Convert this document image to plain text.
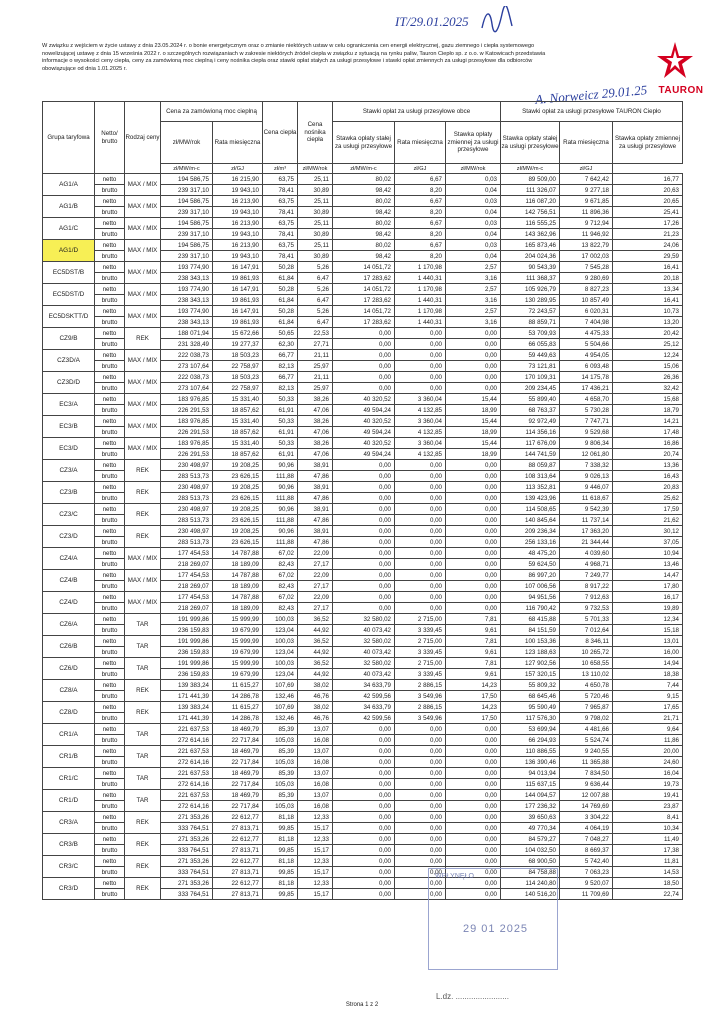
IT/29.01.2025
A. Norweicz 29.01.25
W związku z wejściem w życie ustawy z dnia 23.05.2024 r. o bonie energetycznym oraz o zmianie niektórych ustaw w celu ograniczenia cen energii elektrycznej, gazu ziemnego i ciepła systemowego nowelizującej ustawę z dnia 15 września 2022 r. o szczególnych rozwiązaniach w zakresie niektórych źródeł ciepła w związku z sytuacją na rynku paliw, Tauron Ciepło sp. z o.o. w Katowicach przedstawia informacje o wysokości ceny ciepła, ceny za zamówioną moc cieplną i ceny nośnika ciepła oraz stawki opłat stałych za usługi przesyłowe i stawki opłat zmiennych za usługi przesyłowe dla odbiorców obowiązujące od dnia 1.01.2025 r.
TAURON
Grupa taryfowa	Netto/ brutto	Rodzaj ceny	Cena za zamówioną moc cieplną		Cena ciepła	Cena nośnika ciepła	Stawki opłat za usługi przesyłowe obce			Stawki opłat za usługi przesyłowe TAURON Ciepło		
			zł/MW/rok	Rata miesięczna			Stawka opłaty stałej za usługi przesyłowe	Rata miesięczna	Stawka opłaty zmiennej za usługi przesyłowe	Stawka opłaty stałej za usługi przesyłowe	Rata miesięczna	Stawka opłaty zmiennej za usługi przesyłowe
			zł/MW/m-c	zł/GJ	zł/m³	zł/MW/rok	zł/MW/m-c	zł/GJ	zł/MW/rok	zł/MW/m-c	zł/GJ	
AG1/A	netto	MAX / MIX	194 586,75	16 215,90	63,75	25,11	80,02	6,67	0,03	89 509,00	7 642,42	16,77
	brutto		239 317,10	19 943,10	78,41	30,89	98,42	8,20	0,04	111 326,07	9 277,18	20,63
AG1/B	netto	MAX / MIX	194 586,75	16 213,90	63,75	25,11	80,02	6,67	0,03	116 087,20	9 671,85	20,65
	brutto		239 317,10	19 943,10	78,41	30,89	98,42	8,20	0,04	142 756,51	11 896,36	25,41
AG1/C	netto	MAX / MIX	194 586,75	16 213,90	63,75	25,11	80,02	6,67	0,03	116 555,25	9 712,94	17,26
	brutto		239 317,10	19 943,10	78,41	30,89	98,42	8,20	0,04	143 362,96	11 946,92	21,23
AG1/D	netto	MAX / MIX	194 586,75	16 213,90	63,75	25,11	80,02	6,67	0,03	165 873,46	13 822,79	24,06
	brutto		239 317,10	19 943,10	78,41	30,89	98,42	8,20	0,04	204 024,36	17 002,03	29,59
EC5DST/B	netto	MAX / MIX	193 774,90	16 147,91	50,28	5,26	14 051,72	1 170,98	2,57	90 543,39	7 545,28	16,41
	brutto		238 343,13	19 861,93	61,84	6,47	17 283,62	1 440,31	3,16	111 368,37	9 280,69	20,18
EC5DST/D	netto	MAX / MIX	193 774,90	16 147,91	50,28	5,26	14 051,72	1 170,98	2,57	105 926,79	8 827,23	13,34
	brutto		238 343,13	19 861,93	61,84	6,47	17 283,62	1 440,31	3,16	130 289,95	10 857,49	16,41
EC5DSKTT/D	netto	MAX / MIX	193 774,90	16 147,91	50,28	5,26	14 051,72	1 170,98	2,57	72 243,57	6 020,31	10,73
	brutto		238 343,13	19 861,93	61,84	6,47	17 283,62	1 440,31	3,16	88 859,71	7 404,98	13,20
CZ9/B	netto	REK	188 071,94	15 672,66	50,65	22,53	0,00	0,00	0,00	53 709,93	4 475,33	20,42
	brutto		231 328,49	19 277,37	62,30	27,71	0,00	0,00	0,00	66 055,83	5 504,66	25,12
CZ3D/A	netto	MAX / MIX	222 038,73	18 503,23	66,77	21,11	0,00	0,00	0,00	59 449,63	4 954,05	12,24
	brutto		273 107,64	22 758,97	82,13	25,97	0,00	0,00	0,00	73 121,81	6 093,48	15,06
CZ3D/D	netto	MAX / MIX	222 038,73	18 503,23	66,77	21,11	0,00	0,00	0,00	170 109,31	14 175,78	26,36
	brutto		273 107,64	22 758,97	82,13	25,97	0,00	0,00	0,00	209 234,45	17 436,21	32,42
EC3/A	netto	MAX / MIX	183 976,85	15 331,40	50,33	38,26	40 320,52	3 360,04	15,44	55 899,40	4 658,70	15,68
	brutto		226 291,53	18 857,62	61,91	47,06	49 594,24	4 132,85	18,99	68 763,37	5 730,28	18,79
EC3/B	netto	MAX / MIX	183 976,85	15 331,40	50,33	38,26	40 320,52	3 360,04	15,44	92 972,49	7 747,71	14,21
	brutto		226 291,53	18 857,62	61,91	47,06	49 594,24	4 132,85	18,99	114 356,16	9 529,68	17,48
EC3/D	netto	MAX / MIX	183 976,85	15 331,40	50,33	38,26	40 320,52	3 360,04	15,44	117 676,09	9 806,34	16,86
	brutto		226 291,53	18 857,62	61,91	47,06	49 594,24	4 132,85	18,99	144 741,59	12 061,80	20,74
CZ3/A	netto	REK	230 498,97	19 208,25	90,96	38,91	0,00	0,00	0,00	88 059,87	7 338,32	13,36
	brutto		283 513,73	23 626,15	111,88	47,86	0,00	0,00	0,00	108 313,64	9 026,13	16,43
CZ3/B	netto	REK	230 498,97	19 208,25	90,96	38,91	0,00	0,00	0,00	113 352,81	9 446,07	20,83
	brutto		283 513,73	23 626,15	111,88	47,86	0,00	0,00	0,00	139 423,96	11 618,67	25,62
CZ3/C	netto	REK	230 498,97	19 208,25	90,96	38,91	0,00	0,00	0,00	114 508,65	9 542,39	17,59
	brutto		283 513,73	23 626,15	111,88	47,86	0,00	0,00	0,00	140 845,64	11 737,14	21,62
CZ3/D	netto	REK	230 498,97	19 208,25	90,96	38,91	0,00	0,00	0,00	209 236,34	17 363,20	30,12
	brutto		283 513,73	23 626,15	111,88	47,86	0,00	0,00	0,00	256 133,16	21 344,44	37,05
CZ4/A	netto	MAX / MIX	177 454,53	14 787,88	67,02	22,09	0,00	0,00	0,00	48 475,20	4 039,60	10,94
	brutto		218 269,07	18 189,09	82,43	27,17	0,00	0,00	0,00	59 624,50	4 968,71	13,46
CZ4/B	netto	MAX / MIX	177 454,53	14 787,88	67,02	22,09	0,00	0,00	0,00	86 997,20	7 249,77	14,47
	brutto		218 269,07	18 189,09	82,43	27,17	0,00	0,00	0,00	107 006,56	8 917,22	17,80
CZ4/D	netto	MAX / MIX	177 454,53	14 787,88	67,02	22,09	0,00	0,00	0,00	94 951,56	7 912,63	16,17
	brutto		218 269,07	18 189,09	82,43	27,17	0,00	0,00	0,00	116 790,42	9 732,53	19,89
CZ6/A	netto	TAR	191 999,86	15 999,99	100,03	36,52	32 580,02	2 715,00	7,81	68 415,88	5 701,33	12,34
	brutto		236 159,83	19 679,99	123,04	44,92	40 073,42	3 339,45	9,61	84 151,59	7 012,64	15,18
CZ6/B	netto	TAR	191 999,86	15 999,99	100,03	36,52	32 580,02	2 715,00	7,81	100 153,36	8 346,11	13,01
	brutto		236 159,83	19 679,99	123,04	44,92	40 073,42	3 339,45	9,61	123 188,63	10 265,72	16,00
CZ6/D	netto	TAR	191 999,86	15 999,99	100,03	36,52	32 580,02	2 715,00	7,81	127 902,56	10 658,55	14,94
	brutto		236 159,83	19 679,99	123,04	44,92	40 073,42	3 339,45	9,61	157 320,15	13 110,02	18,38
CZ8/A	netto	REK	139 383,24	11 615,27	107,69	38,02	34 633,79	2 886,15	14,23	55 809,32	4 650,78	7,44
	brutto		171 441,39	14 286,78	132,46	46,76	42 599,56	3 549,96	17,50	68 645,46	5 720,46	9,15
CZ8/D	netto	REK	139 383,24	11 615,27	107,69	38,02	34 633,79	2 886,15	14,23	95 590,49	7 965,87	17,65
	brutto		171 441,39	14 286,78	132,46	46,76	42 599,56	3 549,96	17,50	117 576,30	9 798,02	21,71
CR1/A	netto	TAR	221 637,53	18 469,79	85,39	13,07	0,00	0,00	0,00	53 699,94	4 481,66	9,64
	brutto		272 614,16	22 717,84	105,03	16,08	0,00	0,00	0,00	66 294,93	5 524,74	11,86
CR1/B	netto	TAR	221 637,53	18 469,79	85,39	13,07	0,00	0,00	0,00	110 886,55	9 240,55	20,00
	brutto		272 614,16	22 717,84	105,03	16,08	0,00	0,00	0,00	136 390,46	11 365,88	24,60
CR1/C	netto	TAR	221 637,53	18 469,79	85,39	13,07	0,00	0,00	0,00	94 013,94	7 834,50	16,04
	brutto		272 614,16	22 717,84	105,03	16,08	0,00	0,00	0,00	115 637,15	9 636,44	19,73
CR1/D	netto	TAR	221 637,53	18 469,79	85,39	13,07	0,00	0,00	0,00	144 094,57	12 007,88	19,41
	brutto		272 614,16	22 717,84	105,03	16,08	0,00	0,00	0,00	177 236,32	14 769,69	23,87
CR3/A	netto	REK	271 353,26	22 612,77	81,18	12,33	0,00	0,00	0,00	39 650,63	3 304,22	8,41
	brutto		333 764,51	27 813,71	99,85	15,17	0,00	0,00	0,00	49 770,34	4 064,19	10,34
CR3/B	netto	REK	271 353,26	22 612,77	81,18	12,33	0,00	0,00	0,00	84 579,27	7 048,27	11,49
	brutto		333 764,51	27 813,71	99,85	15,17	0,00	0,00	0,00	104 032,50	8 669,37	17,38
CR3/C	netto	REK	271 353,26	22 612,77	81,18	12,33	0,00	0,00	0,00	68 900,50	5 742,40	11,81
	brutto		333 764,51	27 813,71	99,85	15,17	0,00	0,00	0,00	84 758,88	7 063,23	14,53
CR3/D	netto	REK	271 353,26	22 612,77	81,18	12,33	0,00	0,00	0,00	114 240,80	9 520,07	18,50
	brutto		333 764,51	27 813,71	99,85	15,17	0,00	0,00	0,00	140 516,20	11 709,69	22,74
WPŁYNĘŁO
29 01 2025
L.dz. ........................
Strona 1 z 2
